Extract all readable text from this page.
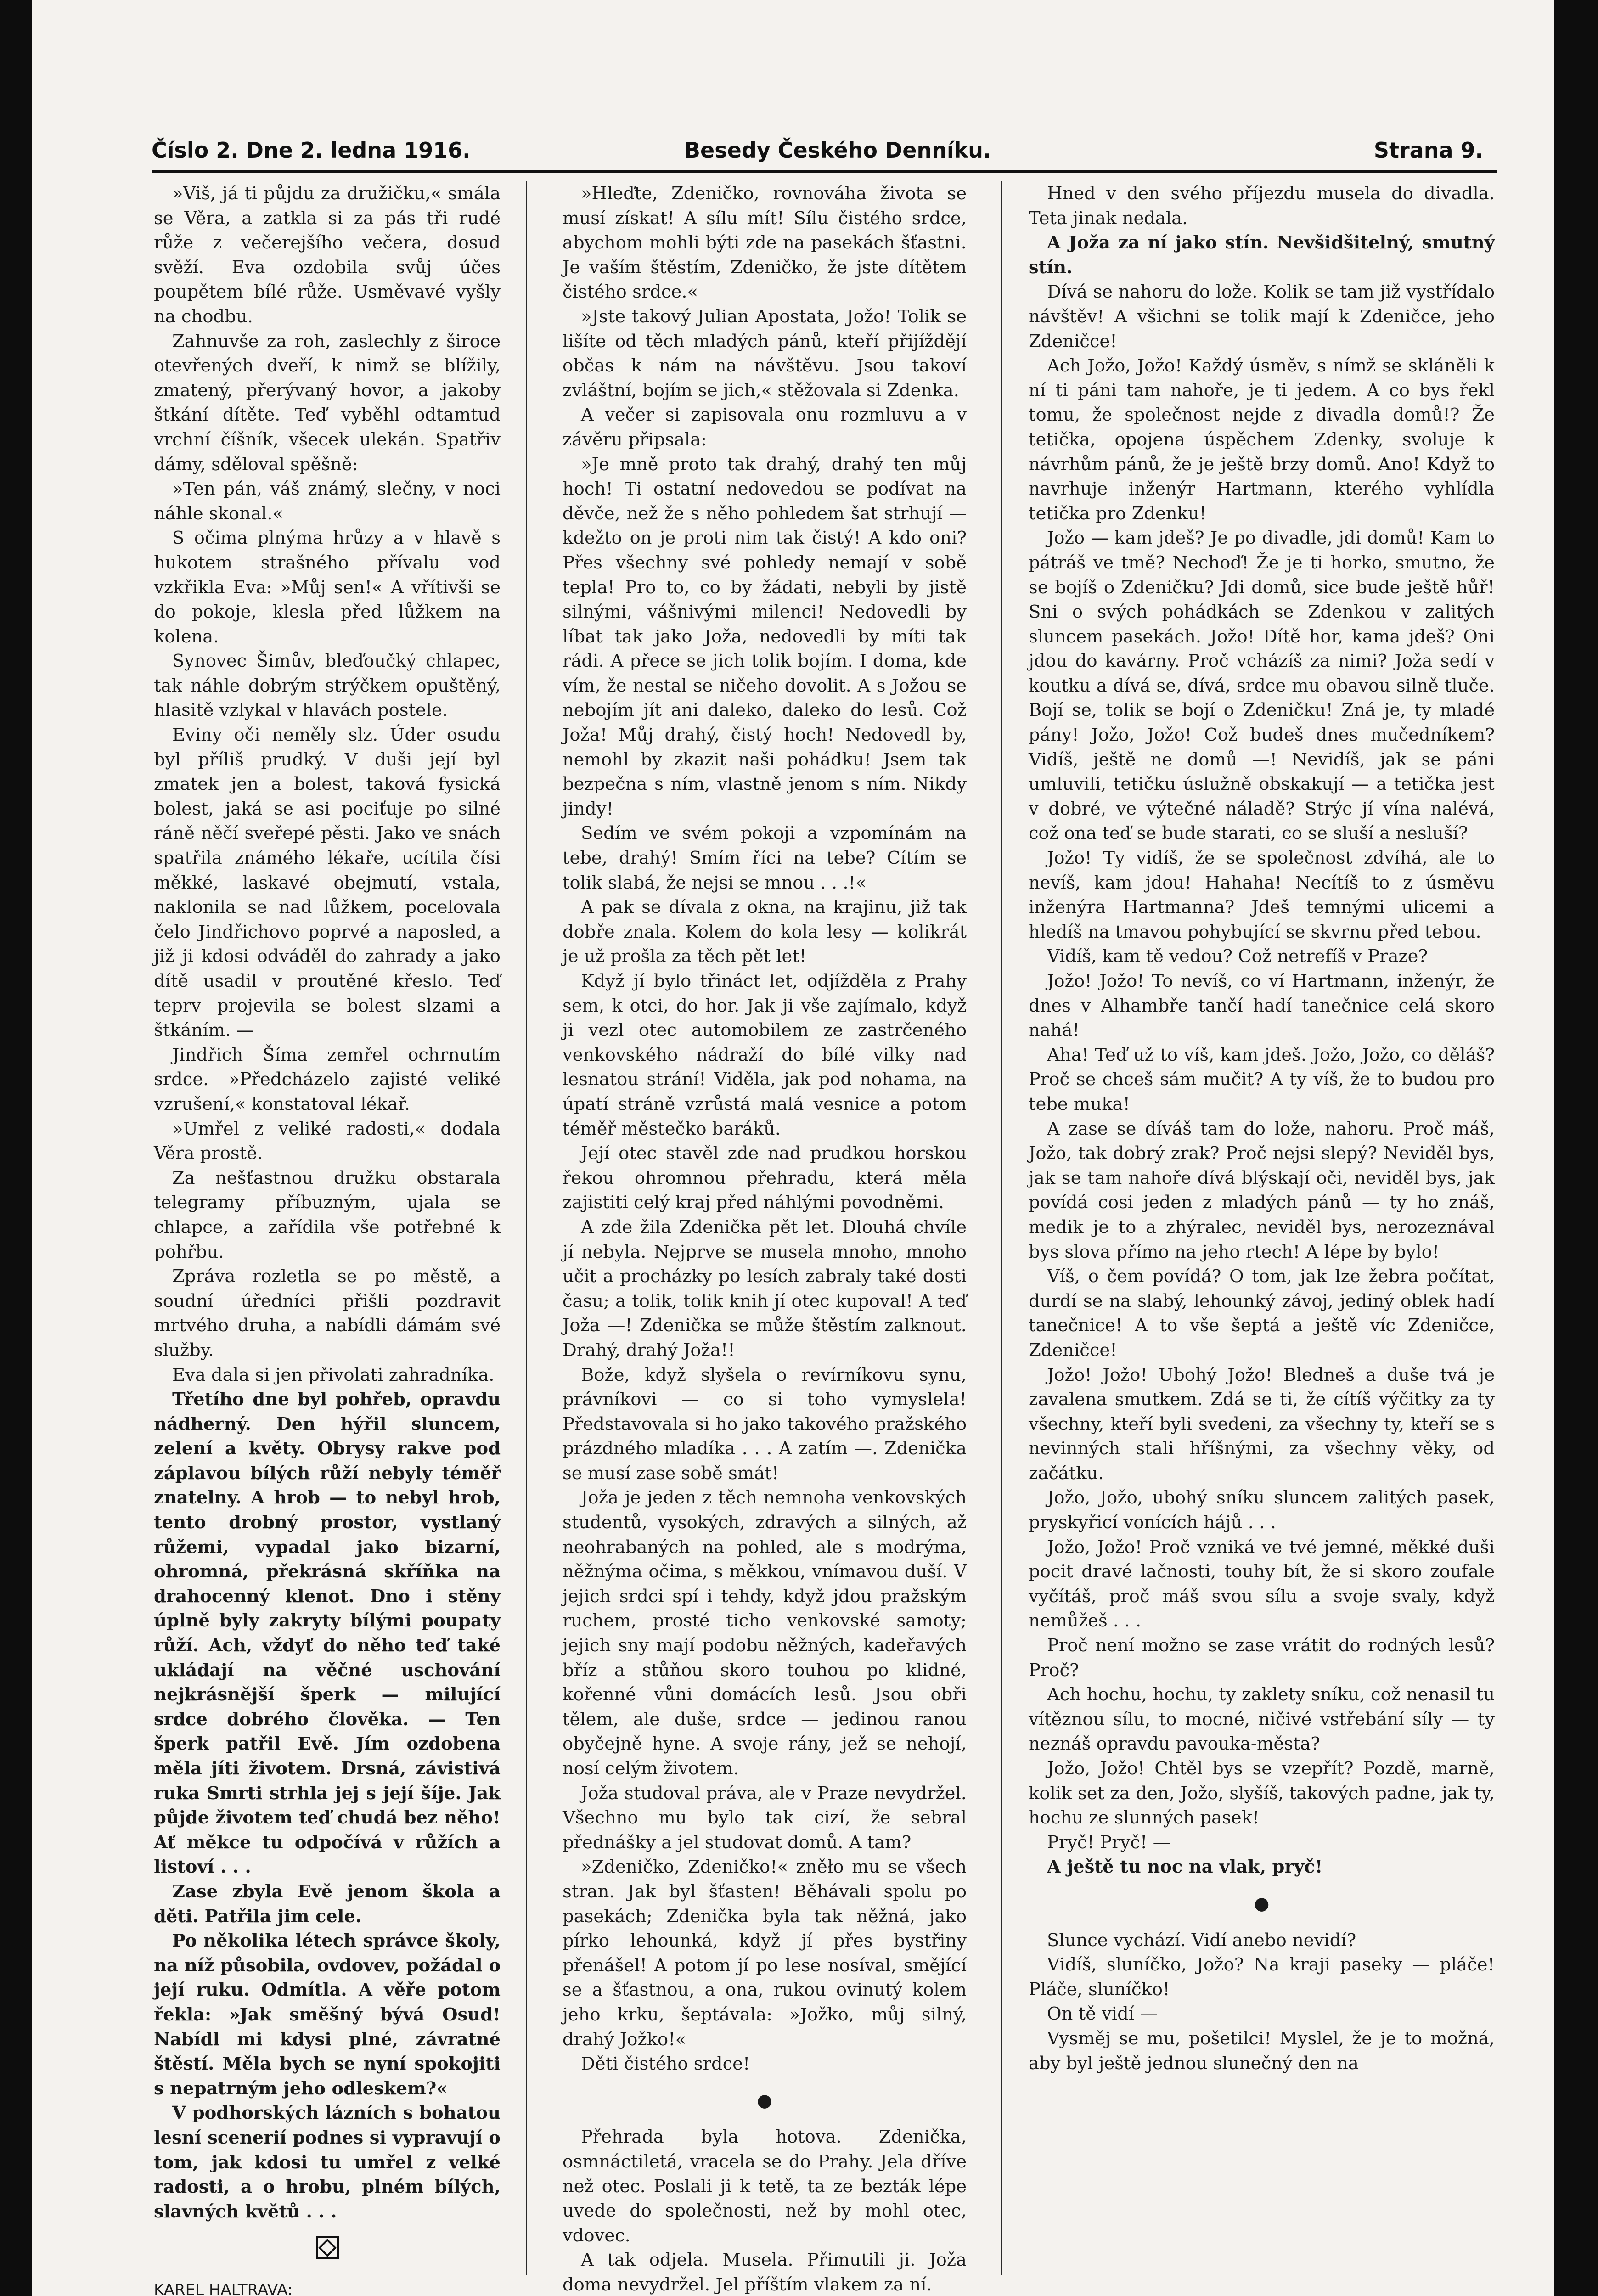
Číslo 2. Dne 2. ledna 1916.	Besedy Českého Denníku.	Strana 9.

»Viš, já ti půjdu za družičku,« smála se Věra, a zatkla si za pás tři rudé růže z večerejšího večera, dosud svěží. Eva ozdobila svůj účes poupětem bílé růže. Usměvavé vyšly na chodbu.

Zahnuvše za roh, zaslechly z široce otevřených dveří, k nimž se blížily, zmatený, přerývaný hovor, a jakoby štkání dítěte. Teď vyběhl odtamtud vrchní číšník, všecek ulekán. Spatřiv dámy, sděloval spěšně:

»Ten pán, váš známý, slečny, v noci náhle skonal.«

S očima plnýma hrůzy a v hlavě s hukotem strašného přívalu vod vzkřikla Eva: »Můj sen!« A vřítivši se do pokoje, klesla před lůžkem na kolena.

Synovec Šimův, bleďoučký chlapec, tak náhle dobrým strýčkem opuštěný, hlasitě vzlykal v hlavách postele.

Eviny oči neměly slz. Úder osudu byl příliš prudký. V duši její byl zmatek jen a bolest, taková fysická bolest, jaká se asi pociťuje po silné ráně něčí sveřepé pěsti. Jako ve snách spatřila známého lékaře, ucítila čísi měkké, laskavé obejmutí, vstala, naklonila se nad lůžkem, pocelovala čelo Jindřichovo poprvé a naposled, a již ji kdosi odváděl do zahrady a jako dítě usadil v proutěné křeslo. Teď teprv projevila se bolest slzami a štkáním. —

Jindřich Šíma zemřel ochrnutím srdce. »Předcházelo zajisté veliké vzrušení,« konstatoval lékař.

»Umřel z veliké radosti,« dodala Věra prostě.

Za nešťastnou družku obstarala telegramy příbuzným, ujala se chlapce, a zařídila vše potřebné k pohřbu.

Zpráva rozletla se po městě, a soudní úředníci přišli pozdravit mrtvého druha, a nabídli dámám své služby.

Eva dala si jen přivolati zahradníka.

Třetího dne byl pohřeb, opravdu nádherný. Den hýřil sluncem, zelení a květy. Obrysy rakve pod záplavou bílých růží nebyly téměř znatelny. A hrob — to nebyl hrob, tento drobný prostor, vystlaný růžemi, vypadal jako bizarní, ohromná, překrásná skříňka na drahocenný klenot. Dno i stěny úplně byly zakryty bílými poupaty růží. Ach, vždyť do něho teď také ukládají na věčné uschování nejkrásnější šperk — milující srdce dobrého člověka. — Ten šperk patřil Evě. Jím ozdobena měla jíti životem. Drsná, závistivá ruka Smrti strhla jej s její šíje. Jak půjde životem teď chudá bez něho! Ať měkce tu odpočívá v růžích a listoví . . .

Zase zbyla Evě jenom škola a děti. Patřila jim cele.

Po několika létech správce školy, na níž působila, ovdovev, požádal o její ruku. Odmítla. A věře potom řekla: »Jak směšný bývá Osud! Nabídl mi kdysi plné, závratné štěstí. Měla bych se nyní spokojiti s nepatrným jeho odleskem?«

V podhorských lázních s bohatou lesní scenerií podnes si vypravují o tom, jak kdosi tu umřel z velké radosti, a o hrobu, plném bílých, slavných květů . . .

KAREL HALTRAVA:

»Hleďte, Zdeničko, rovnováha života se musí získat! A sílu mít! Sílu čistého srdce, abychom mohli býti zde na pasekách šťastni. Je vaším štěstím, Zdeničko, že jste dítětem čistého srdce.«

»Jste takový Julian Apostata, Jožo! Tolik se lišíte od těch mladých pánů, kteří přijíždějí občas k nám na návštěvu. Jsou takoví zvláštní, bojím se jich,« stěžovala si Zdenka.

A večer si zapisovala onu rozmluvu a v závěru připsala:

»Je mně proto tak drahý, drahý ten můj hoch! Ti ostatní nedovedou se podívat na děvče, než že s něho pohledem šat strhují — kdežto on je proti nim tak čistý! A kdo oni? Přes všechny své pohledy nemají v sobě tepla! Pro to, co by žádati, nebyli by jistě silnými, vášnivými milenci! Nedovedli by líbat tak jako Joža, nedovedli by míti tak rádi. A přece se jich tolik bojím. I doma, kde vím, že nestal se ničeho dovolit. A s Jožou se nebojím jít ani daleko, daleko do lesů. Což Joža! Můj drahý, čistý hoch! Nedovedl by, nemohl by zkazit naši pohádku! Jsem tak bezpečna s ním, vlastně jenom s ním. Nikdy jindy!

Sedím ve svém pokoji a vzpomínám na tebe, drahý! Smím říci na tebe? Cítím se tolik slabá, že nejsi se mnou . . .!«

A pak se dívala z okna, na krajinu, již tak dobře znala. Kolem do kola lesy — kolikrát je už prošla za těch pět let!

Když jí bylo třináct let, odjížděla z Prahy sem, k otci, do hor. Jak ji vše zajímalo, když ji vezl otec automobilem ze zastrčeného venkovského nádraží do bílé vilky nad lesnatou strání! Viděla, jak pod nohama, na úpatí stráně vzrůstá malá vesnice a potom téměř městečko baráků.

Její otec stavěl zde nad prudkou horskou řekou ohromnou přehradu, která měla zajistiti celý kraj před náhlými povodněmi.

A zde žila Zdenička pět let. Dlouhá chvíle jí nebyla. Nejprve se musela mnoho, mnoho učit a procházky po lesích zabraly také dosti času; a tolik, tolik knih jí otec kupoval! A teď Joža —! Zdenička se může štěstím zalknout. Drahý, drahý Joža!!

Bože, když slyšela o revírníkovu synu, právníkovi — co si toho vymyslela! Představovala si ho jako takového pražského prázdného mladíka . . . A zatím —. Zdenička se musí zase sobě smát!

Joža je jeden z těch nemnoha venkovských studentů, vysokých, zdravých a silných, až neohrabaných na pohled, ale s modrýma, něžnýma očima, s měkkou, vnímavou duší. V jejich srdci spí i tehdy, když jdou pražským ruchem, prosté ticho venkovské samoty; jejich sny mají podobu něžných, kadeřavých bříz a stůňou skoro touhou po klidné, kořenné vůni domácích lesů. Jsou obři tělem, ale duše, srdce — jedinou ranou obyčejně hyne. A svoje rány, jež se nehojí, nosí celým životem.

Joža studoval práva, ale v Praze nevydržel. Všechno mu bylo tak cizí, že sebral přednášky a jel studovat domů. A tam?

»Zdeničko, Zdeničko!« zněło mu se všech stran. Jak byl šťasten! Běhávali spolu po pasekách; Zdenička byla tak něžná, jako pírko lehounká, když jí přes bystřiny přenášel! A potom jí po lese nosíval, smějící se a šťastnou, a ona, rukou ovinutý kolem jeho krku, šeptávala: »Jožko, můj silný, drahý Jožko!«

Děti čistého srdce!

●

Přehrada byla hotova. Zdenička, osmnáctiletá, vracela se do Prahy. Jela dříve než otec. Poslali ji k tetě, ta ze bezták lépe uvede do společnosti, než by mohl otec, vdovec.

A tak odjela. Musela. Přimutili ji. Joža doma nevydržel. Jel příštím vlakem za ní.

Hned v den svého příjezdu musela do divadla. Teta jinak nedala.

A Joža za ní jako stín. Nevšidšitelný, smutný stín.

Dívá se nahoru do lože. Kolik se tam již vystřídalo návštěv! A všichni se tolik mají k Zdeničce, jeho Zdeničce!

Ach Jožo, Jožo! Každý úsměv, s nímž se skláněli k ní ti páni tam nahoře, je ti jedem. A co bys řekl tomu, že společnost nejde z divadla domů!? Že tetička, opojena úspěchem Zdenky, svoluje k návrhům pánů, že je ještě brzy domů. Ano! Když to navrhuje inženýr Hartmann, kterého vyhlídla tetička pro Zdenku!

Jožo — kam jdeš? Je po divadle, jdi domů! Kam to pátráš ve tmě? Nechoď! Že je ti horko, smutno, že se bojíš o Zdeničku? Jdi domů, sice bude ještě hůř! Sni o svých pohádkách se Zdenkou v zalitých sluncem pasekách. Jožo! Dítě hor, kama jdeš? Oni jdou do kavárny. Proč vcházíš za nimi? Joža sedí v koutku a dívá se, dívá, srdce mu obavou silně tluče. Bojí se, tolik se bojí o Zdeničku! Zná je, ty mladé pány! Jožo, Jožo! Což budeš dnes mučedníkem? Vidíš, ještě ne domů —! Nevidíš, jak se páni umluvili, tetičku úslužně obskakují — a tetička jest v dobré, ve výtečné náladě? Strýc jí vína nalévá, což ona teď se bude starati, co se sluší a nesluší?

Jožo! Ty vidíš, že se společnost zdvíhá, ale to nevíš, kam jdou! Hahaha! Necítíš to z úsměvu inženýra Hartmanna? Jdeš temnými ulicemi a hledíš na tmavou pohybující se skvrnu před tebou.

Vidíš, kam tě vedou? Což netrefíš v Praze?

Jožo! Jožo! To nevíš, co ví Hartmann, inženýr, že dnes v Alhambře tančí hadí tanečnice celá skoro nahá!

Aha! Teď už to víš, kam jdeš. Jožo, Jožo, co děláš? Proč se chceš sám mučit? A ty víš, že to budou pro tebe muka!

A zase se díváš tam do lože, nahoru. Proč máš, Jožo, tak dobrý zrak? Proč nejsi slepý? Neviděl bys, jak se tam nahoře dívá blýskají oči, neviděl bys, jak povídá cosi jeden z mladých pánů — ty ho znáš, medik je to a zhýralec, neviděl bys, nerozeznával bys slova přímo na jeho rtech! A lépe by bylo!

Víš, o čem povídá? O tom, jak lze žebra počítat, durdí se na slabý, lehounký závoj, jediný oblek hadí tanečnice! A to vše šeptá a ještě víc Zdeničce, Zdeničce!

Jožo! Jožo! Ubohý Jožo! Bledneš a duše tvá je zavalena smutkem. Zdá se ti, že cítíš výčitky za ty všechny, kteří byli svedeni, za všechny ty, kteří se s nevinných stali hříšnými, za všechny věky, od začátku.

Jožo, Jožo, ubohý sníku sluncem zalitých pasek, pryskyřicí vonících hájů . . .

Jožo, Jožo! Proč vzniká ve tvé jemné, měkké duši pocit dravé lačnosti, touhy bít, že si skoro zoufale vyčítáš, proč máš svou sílu a svoje svaly, když nemůžeš . . .

Proč není možno se zase vrátit do rodných lesů? Proč?

Ach hochu, hochu, ty zaklety sníku, což nenasil tu vítěznou sílu, to mocné, ničivé vstřebání síly — ty neznáš opravdu pavouka-města?

Jožo, Jožo! Chtěl bys se vzepřít? Pozdě, marně, kolik set za den, Jožo, slyšíš, takových padne, jak ty, hochu ze slunných pasek!

Pryč! Pryč! —

A ještě tu noc na vlak, pryč!

●

Slunce vychází. Vidí anebo nevidí?

Vidíš, sluníčko, Jožo? Na kraji paseky — pláče! Pláče, sluníčko!

On tě vidí —

Vysměj se mu, pošetilci! Myslel, že je to možná, aby byl ještě jednou slunečný den na
